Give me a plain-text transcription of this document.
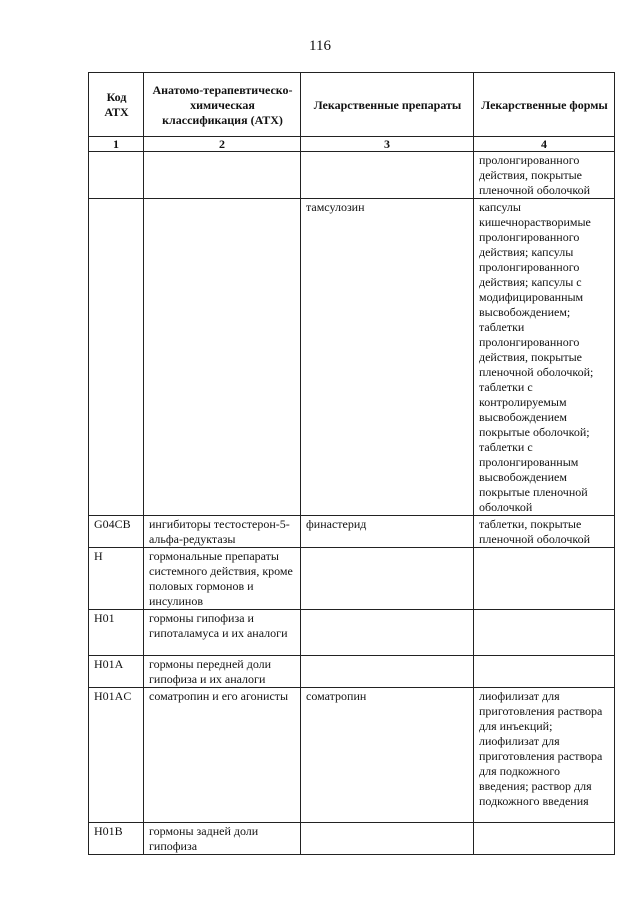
116
Код АТХ	Анатомо-терапевтическо-химическая классификация (АТХ)	Лекарственные препараты	Лекарственные формы
1	2	3	4
			пролонгированного действия, покрытые пленочной оболочкой
		тамсулозин	капсулы кишечнорастворимые пролонгированного действия; капсулы пролонгированного действия; капсулы с модифицированным высвобождением; таблетки пролонгированного действия, покрытые пленочной оболочкой; таблетки с контролируемым высвобождением покрытые оболочкой; таблетки с пролонгированным высвобождением покрытые пленочной оболочкой
G04CB	ингибиторы тестостерон-5-альфа-редуктазы	финастерид	таблетки, покрытые пленочной оболочкой
H	гормональные препараты системного действия, кроме половых гормонов и инсулинов		
H01	гормоны гипофиза и гипоталамуса и их аналоги		
H01A	гормоны передней доли гипофиза и их аналоги		
H01AC	соматропин и его агонисты	соматропин	лиофилизат для приготовления раствора для инъекций; лиофилизат для приготовления раствора для подкожного введения; раствор для подкожного введения
H01B	гормоны задней доли гипофиза		
